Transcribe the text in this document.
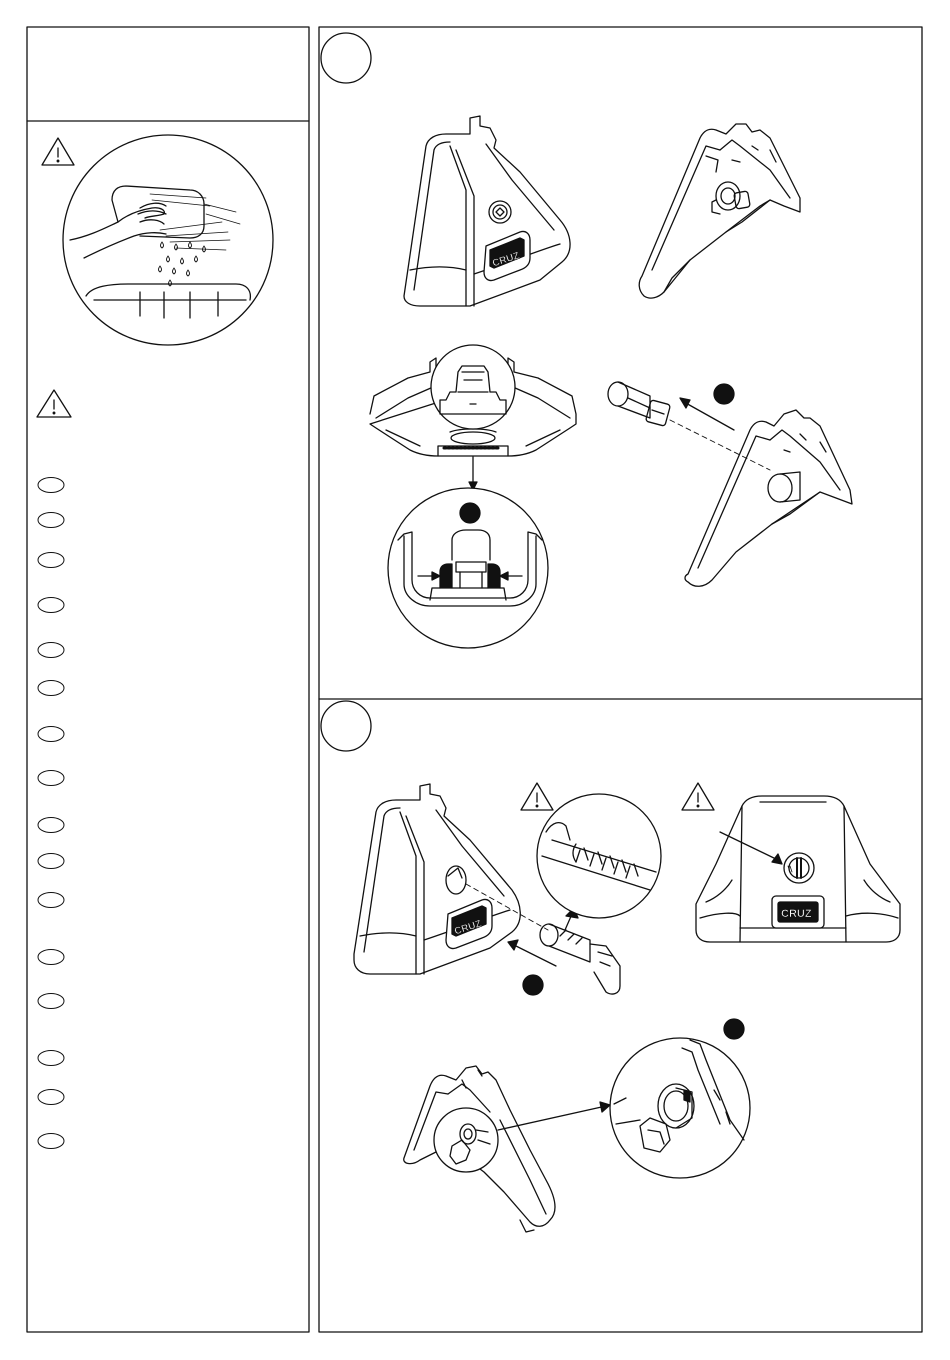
CRUZ
CRUZ
CRUZ
